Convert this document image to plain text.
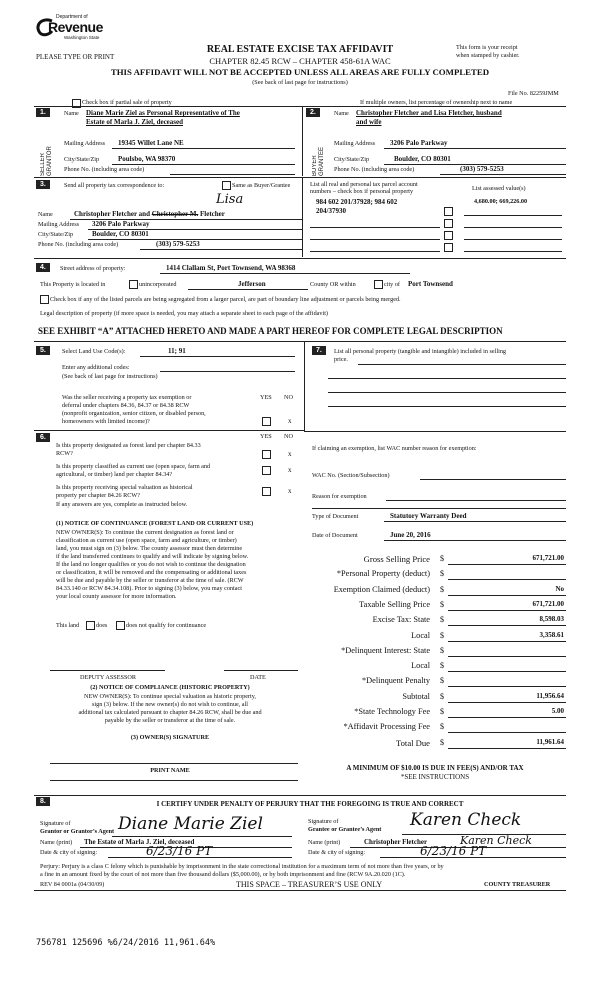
Department of
Revenue
Washington State
PLEASE TYPE OR PRINT
REAL ESTATE EXCISE TAX AFFIDAVIT
CHAPTER 82.45 RCW – CHAPTER 458-61A WAC
THIS AFFIDAVIT WILL NOT BE ACCEPTED UNLESS ALL AREAS ARE FULLY COMPLETED
(See back of last page for instructions)
This form is your receipt
when stamped by cashier.
File No. 82259JMM
Check box if partial sale of property	If multiple owners, list percentage of ownership next to name
1.
SELLER GRANTOR
Name Diane Marie Ziel as Personal Representative of The
Estate of Marla J. Ziel, deceased
Mailing Address 19345 Willet Lane NE
City/State/Zip	Poulsbo, WA 98370
Phone No. (including area code)
2.
BUYER GRANTEE
Name Christopher Fletcher and Lisa Fletcher, husband
and wife
Mailing Address 3206 Palo Parkway
City/State/Zip	Boulder, CO 80301
Phone No. (including area code)	(303) 579-5253
3.	Send all property tax correspondence to:	Same as Buyer/Grantee
Lisa
Name	Christopher Fletcher and Christopher M. Fletcher
Mailing Address 3206 Palo Parkway
City/State/Zip	Boulder, CO 80301
Phone No. (including area code)	(303) 579-5253
List all real and personal tax parcel account
numbers – check box if personal property	List assessed value(s)
984 602 201/37928; 984 602
204/37930
4,680.00; 669,226.00
4.	Street address of property:	1414 Clallam St, Port Townsend, WA 98368
This Property is located in	unincorporated	Jefferson	County OR within	city of Port Townsend
Check box if any of the listed parcels are being segregated from a larger parcel, are part of boundary line adjustment or parcels being merged.
Legal description of property (if more space is needed, you may attach a separate sheet to each page of the affidavit)
SEE EXHIBIT “A” ATTACHED HERETO AND MADE A PART HEREOF FOR COMPLETE LEGAL DESCRIPTION
5.	Select Land Use Code(s):	11; 91
Enter any additional codes:
(See back of last page for instructions)
Was the seller receiving a property tax exemption or
deferral under chapters 84.36, 84.37 or 84.38 RCW
(nonprofit organization, senior citizen, or disabled person,
homeowners with limited income)?
YES NO
x
7.	List all personal property (tangible and intangible) included in selling
price.
6.	YES NO
Is this property designated as forest land per chapter 84.33
RCW?	x
Is this property classified as current use (open space, farm and
agricultural, or timber) land per chapter 84.34?
x
Is this property receiving special valuation as historical
property per chapter 84.26 RCW?
x
If any answers are yes, complete as instructed below.
(1) NOTICE OF CONTINUANCE (FOREST LAND OR CURRENT USE)
NEW OWNER(S): To continue the current designation as forest land or
classification as current use (open space, farm and agriculture, or timber)
land, you must sign on (3) below. The county assessor must then determine
if the land transferred continues to qualify and will indicate by signing below.
If the land no longer qualifies or you do not wish to continue the designation
or classification, it will be removed and the compensating or additional taxes
will be due and payable by the seller or transferor at the time of sale. (RCW
84.33.140 or RCW 84.34.108). Prior to signing (3) below, you may contact
your local county assessor for more information.
This land	does	does not qualify for continuance
DEPUTY ASSESSOR	DATE
(2) NOTICE OF COMPLIANCE (HISTORIC PROPERTY)
NEW OWNER(S): To continue special valuation as historic property,
sign (3) below. If the new owner(s) do not wish to continue, all
additional tax calculated pursuant to chapter 84.26 RCW, shall be due and
payable by the seller or transferor at the time of sale.
(3) OWNER(S) SIGNATURE
PRINT NAME
If claiming an exemption, list WAC number reason for exemption:
WAC No. (Section/Subsection)
Reason for exemption
Type of Document	Statutory Warranty Deed
Date of Document	June 20, 2016
Gross Selling Price $	671,721.00
*Personal Property (deduct) $
Exemption Claimed (deduct) $	No
Taxable Selling Price $	671,721.00
Excise Tax: State $	8,598.03
Local $	3,358.61
*Delinquent Interest: State $
Local $
*Delinquent Penalty $
Subtotal $	11,956.64
*State Technology Fee $	5.00
*Affidavit Processing Fee $
Total Due $	11,961.64
A MINIMUM OF $10.00 IS DUE IN FEE(S) AND/OR TAX
*SEE INSTRUCTIONS
8.	I CERTIFY UNDER PENALTY OF PERJURY THAT THE FOREGOING IS TRUE AND CORRECT
Signature of
Grantor or Grantor’s Agent Diane Marie Ziel
Name (print) The Estate of Marla J. Ziel, deceased
Date & city of signing:	6/23/16 PT
Signature of
Grantee or Grantee’s Agent Karen Check
Name (print)	Christopher Fletcher	Karen Check
Date & city of signing:	6/23/16 PT
Perjury: Perjury is a class C felony which is punishable by imprisonment in the state correctional institution for a maximum term of not more than five years, or by
a fine in an amount fixed by the court of not more than five thousand dollars ($5,000.00), or by both imprisonment and fine (RCW 9A.20.020 (1C).
REV 84 0001a (04/30/09)	THIS SPACE – TREASURER’S USE ONLY	COUNTY TREASURER
756781 125696 %6/24/2016 11,961.64%
